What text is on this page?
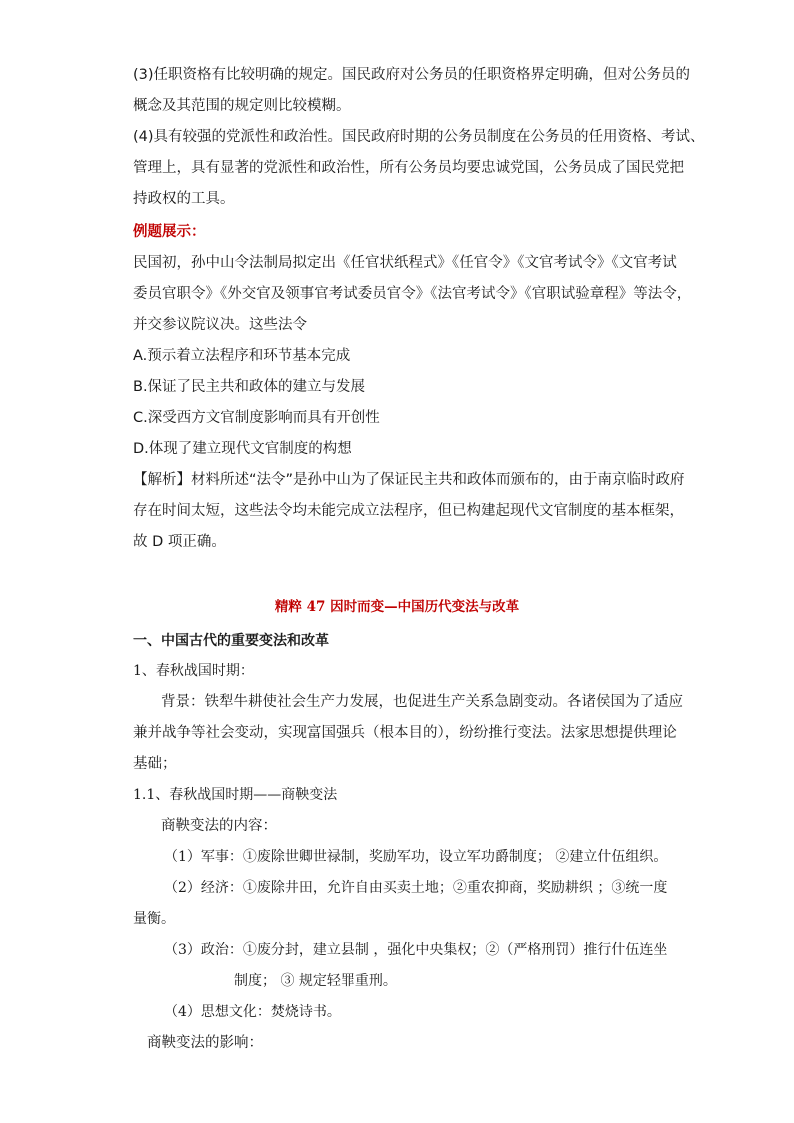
(3)任职资格有比较明确的规定。国民政府对公务员的任职资格界定明确，但对公务员的
概念及其范围的规定则比较模糊。
(4)具有较强的党派性和政治性。国民政府时期的公务员制度在公务员的任用资格、考试、
管理上，具有显著的党派性和政治性，所有公务员均要忠诚党国，公务员成了国民党把
持政权的工具。
例题展示：
民国初，孙中山令法制局拟定出《任官状纸程式》《任官令》《文官考试令》《文官考试
委员官职令》《外交官及领事官考试委员官令》《法官考试令》《官职试验章程》等法令，
并交参议院议决。这些法令
A.预示着立法程序和环节基本完成
B.保证了民主共和政体的建立与发展
C.深受西方文官制度影响而具有开创性
D.体现了建立现代文官制度的构想
【解析】材料所述“法令”是孙中山为了保证民主共和政体而颁布的，由于南京临时政府
存在时间太短，这些法令均未能完成立法程序，但已构建起现代文官制度的基本框架，
故 D 项正确。
精粹 47 因时而变—中国历代变法与改革
一、中国古代的重要变法和改革
1、春秋战国时期：
背景：铁犁牛耕使社会生产力发展，也促进生产关系急剧变动。各诸侯国为了适应
兼并战争等社会变动，实现富国强兵（根本目的），纷纷推行变法。法家思想提供理论
基础；
1.1、春秋战国时期——商鞅变法
商鞅变法的内容：
（1）军事：①废除世卿世禄制，奖励军功，设立军功爵制度； ②建立什伍组织。
（2）经济：①废除井田，允许自由买卖土地；②重农抑商，奖励耕织 ；③统一度
量衡。
（3）政治：①废分封，建立县制 ，强化中央集权；②（严格刑罚）推行什伍连坐
制度； ③ 规定轻罪重刑。
（4）思想文化：焚烧诗书。
商鞅变法的影响：
